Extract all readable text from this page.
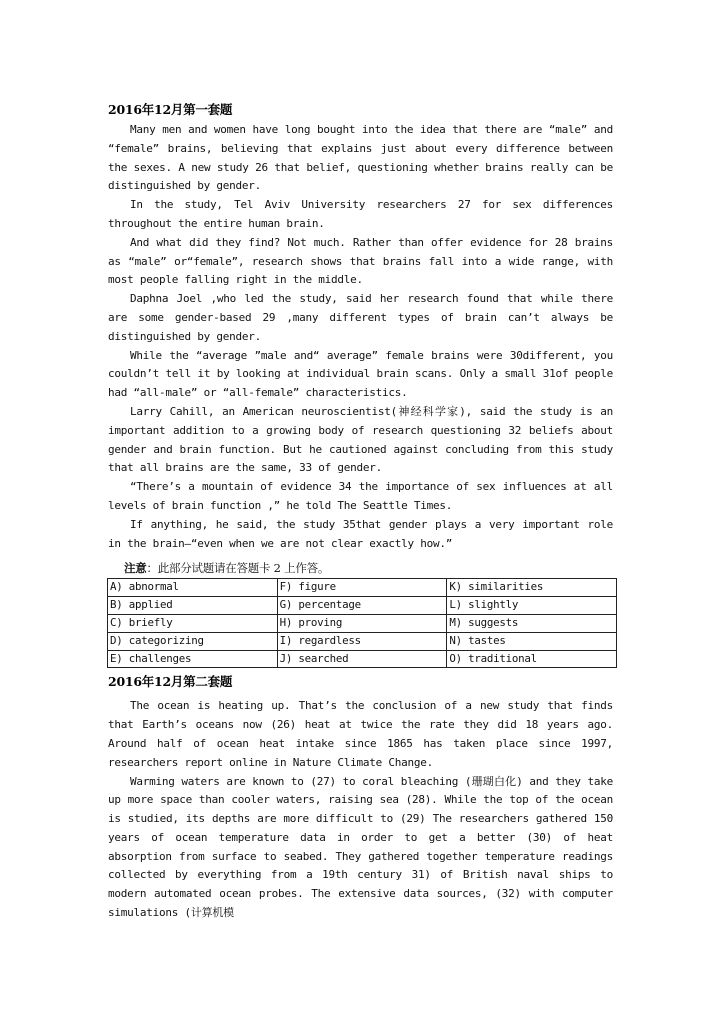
2016年12月第一套题

Many men and women have long bought into the idea that there are “male” and “female” brains, believing that explains just about every difference between the sexes. A new study 26 that belief, questioning whether brains really can be distinguished by gender.

In the study, Tel Aviv University researchers 27 for sex differences throughout the entire human brain.

And what did they find? Not much. Rather than offer evidence for 28 brains as “male” or“female”, research shows that brains fall into a wide range, with most people falling right in the middle.

Daphna Joel ,who led the study, said her research found that while there are some gender-based 29 ,many different types of brain can’t always be distinguished by gender.

While the “average ”male and“ average” female brains were 30different, you couldn’t tell it by looking at individual brain scans. Only a small 31of people had “all-male” or “all-female” characteristics.

Larry Cahill, an American neuroscientist(神经科学家), said the study is an important addition to a growing body of research questioning 32 beliefs about gender and brain function. But he cautioned against concluding from this study that all brains are the same, 33 of gender.

“There’s a mountain of evidence 34 the importance of sex influences at all levels of brain function ,” he told The Seattle Times.

If anything, he said, the study 35that gender plays a very important role in the brain—“even when we are not clear exactly how.”

注意：此部分试题请在答题卡 2 上作答。
A) abnormal	F) figure	K) similarities
B) applied	G) percentage	L) slightly
C) briefly	H) proving	M) suggests
D) categorizing	I) regardless	N) tastes
E) challenges	J) searched	O) traditional
2016年12月第二套题

The ocean is heating up. That’s the conclusion of a new study that finds that Earth’s oceans now (26) heat at twice the rate they did 18 years ago. Around half of ocean heat intake since 1865 has taken place since 1997, researchers report online in Nature Climate Change.

Warming waters are known to (27) to coral bleaching (珊瑚白化) and they take up more space than cooler waters, raising sea (28). While the top of the ocean is studied, its depths are more difficult to (29) The researchers gathered 150 years of ocean temperature data in order to get a better (30) of heat absorption from surface to seabed. They gathered together temperature readings collected by everything from a 19th century 31) of British naval ships to modern automated ocean probes. The extensive data sources, (32) with computer simulations (计算机模
